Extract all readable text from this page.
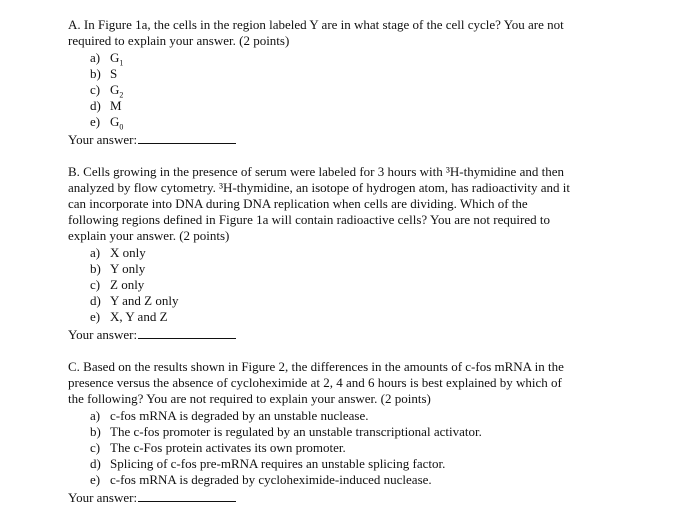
A. In Figure 1a, the cells in the region labeled Y are in what stage of the cell cycle? You are not
required to explain your answer. (2 points)
a) $G_1$
b) S
c) $G_2$
d) M
e) $G_0$
Your answer:
B. Cells growing in the presence of serum were labeled for 3 hours with ³H-thymidine and then
analyzed by flow cytometry. ³H-thymidine, an isotope of hydrogen atom, has radioactivity and it
can incorporate into DNA during DNA replication when cells are dividing. Which of the
following regions defined in Figure 1a will contain radioactive cells? You are not required to
explain your answer. (2 points)
a) X only
b) Y only
c) Z only
d) Y and Z only
e) X, Y and Z
Your answer:
C. Based on the results shown in Figure 2, the differences in the amounts of c-fos mRNA in the
presence versus the absence of cycloheximide at 2, 4 and 6 hours is best explained by which of
the following? You are not required to explain your answer. (2 points)
a) c-fos mRNA is degraded by an unstable nuclease.
b) The c-fos promoter is regulated by an unstable transcriptional activator.
c) The c-Fos protein activates its own promoter.
d) Splicing of c-fos pre-mRNA requires an unstable splicing factor.
e) c-fos mRNA is degraded by cycloheximide-induced nuclease.
Your answer:
